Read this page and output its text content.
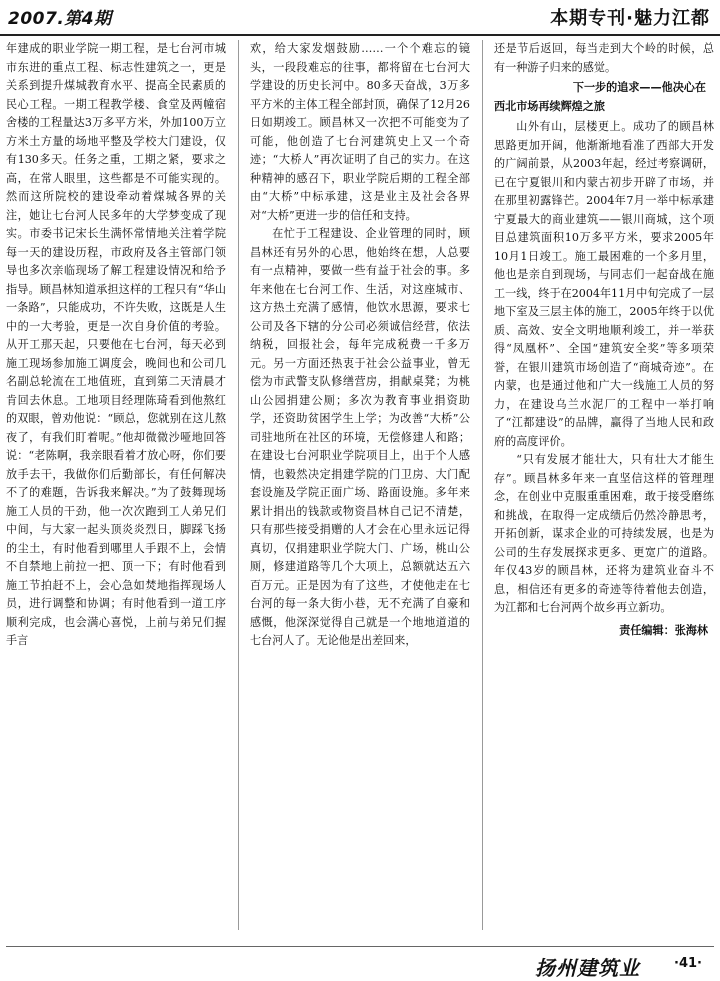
2007.第4期	本期专刊·魅力江都

年建成的职业学院一期工程，是七台河市城市东进的重点工程、标志性建筑之一，更是关系到提升煤城教育水平、提高全民素质的民心工程。一期工程教学楼、食堂及两幢宿舍楼的工程量达3万多平方米，外加100万立方米土方量的场地平整及学校大门建设，仅有130多天。任务之重，工期之紧，要求之高，在常人眼里，这些都是不可能实现的。然而这所院校的建设牵动着煤城各界的关注，她让七台河人民多年的大学梦变成了现实。市委书记宋长生满怀常情地关注着学院每一天的建设历程，市政府及各主管部门领导也多次亲临现场了解工程建设情况和给予指导。顾昌林知道承担这样的工程只有“华山一条路”，只能成功，不许失败，这既是人生中的一大考验，更是一次自身价值的考验。从开工那天起，只要他在七台河，每天必到施工现场参加施工调度会，晚间也和公司几名副总轮流在工地值班，直到第二天清晨才肯回去休息。工地项目经理陈琦看到他熬红的双眼，曾劝他说：“顾总，您就别在这儿熬夜了，有我们盯着呢。”他却微微沙哑地回答说：“老陈啊，我亲眼看着才放心呀，你们要放手去干，我做你们后勤部长，有任何解决不了的难题，告诉我来解决。”为了鼓舞现场施工人员的干劲，他一次次跑到工人弟兄们中间，与大家一起头顶炎炎烈日，脚踩飞扬的尘土，有时他看到哪里人手跟不上，会情不自禁地上前拉一把、顶一下；有时他看到施工节拍赶不上，会心急如焚地指挥现场人员，进行调整和协调；有时他看到一道工序顺利完成，也会满心喜悦，上前与弟兄们握手言

欢，给大家发烟鼓励……一个个难忘的镜头，一段段难忘的往事，都将留在七台河大学建设的历史长河中。80多天奋战，3万多平方米的主体工程全部封顶，确保了12月26日如期竣工。顾昌林又一次把不可能变为了可能，他创造了七台河建筑史上又一个奇迹；“大桥人”再次证明了自己的实力。在这种精神的感召下，职业学院后期的工程全部由“大桥”中标承建，这是业主及社会各界对“大桥”更进一步的信任和支持。

在忙于工程建设、企业管理的同时，顾昌林还有另外的心思，他始终在想，人总要有一点精神，要做一些有益于社会的事。多年来他在七台河工作、生活，对这座城市、这方热土充满了感情，他饮水思源，要求七公司及各下辖的分公司必须诚信经营，依法纳税，回报社会，每年完成税费一千多万元。另一方面还热衷于社会公益事业，曾无偿为市武警支队修缮营房，捐献桌凳；为桃山公园捐建公厕；多次为教育事业捐资助学，还资助贫困学生上学；为改善“大桥”公司驻地所在社区的环境，无偿修建人和路；在建设七台河职业学院项目上，出于个人感情，也毅然决定捐建学院的门卫房、大门配套设施及学院正面广场、路面设施。多年来累计捐出的钱款或物资昌林自己记不清楚，只有那些接受捐赠的人才会在心里永远记得真切，仅捐建职业学院大门、广场，桃山公厕，修建道路等几个大项上，总额就达五六百万元。正是因为有了这些，才使他走在七台河的每一条大街小巷，无不充满了自豪和感慨，他深深觉得自己就是一个地地道道的七台河人了。无论他是出差回来，

还是节后返回，每当走到大个岭的时候，总有一种游子归来的感觉。

下一步的追求——他决心在
西北市场再续辉煌之旅

山外有山，层楼更上。成功了的顾昌林思路更加开阔，他渐渐地看准了西部大开发的广阔前景，从2003年起，经过考察调研，已在宁夏银川和内蒙古初步开辟了市场，并在那里初露锋芒。2004年7月一举中标承建宁夏最大的商业建筑——银川商城，这个项目总建筑面积10万多平方米，要求2005年10月1日竣工。施工最困难的一个多月里，他也是亲自到现场，与同志们一起奋战在施工一线，终于在2004年11月中旬完成了一层地下室及三层主体的施工，2005年终于以优质、高效、安全文明地顺利竣工，并一举获得“凤凰杯”、全国“建筑安全奖”等多项荣誉，在银川建筑市场创造了“商城奇迹”。在内蒙，也是通过他和广大一线施工人员的努力，在建设乌兰水泥厂的工程中一举打响了“江都建设”的品牌，赢得了当地人民和政府的高度评价。

“只有发展才能壮大，只有壮大才能生存”。顾昌林多年来一直坚信这样的管理理念，在创业中克服重重困难，敢于接受磨练和挑战，在取得一定成绩后仍然冷静思考，开拓创新，谋求企业的可持续发展，也是为公司的生存发展探求更多、更宽广的道路。年仅43岁的顾昌林，还将为建筑业奋斗不息，相信还有更多的奇迹等待着他去创造，为江都和七台河两个故乡再立新功。

责任编辑：张海林
扬州建筑业	·41·
